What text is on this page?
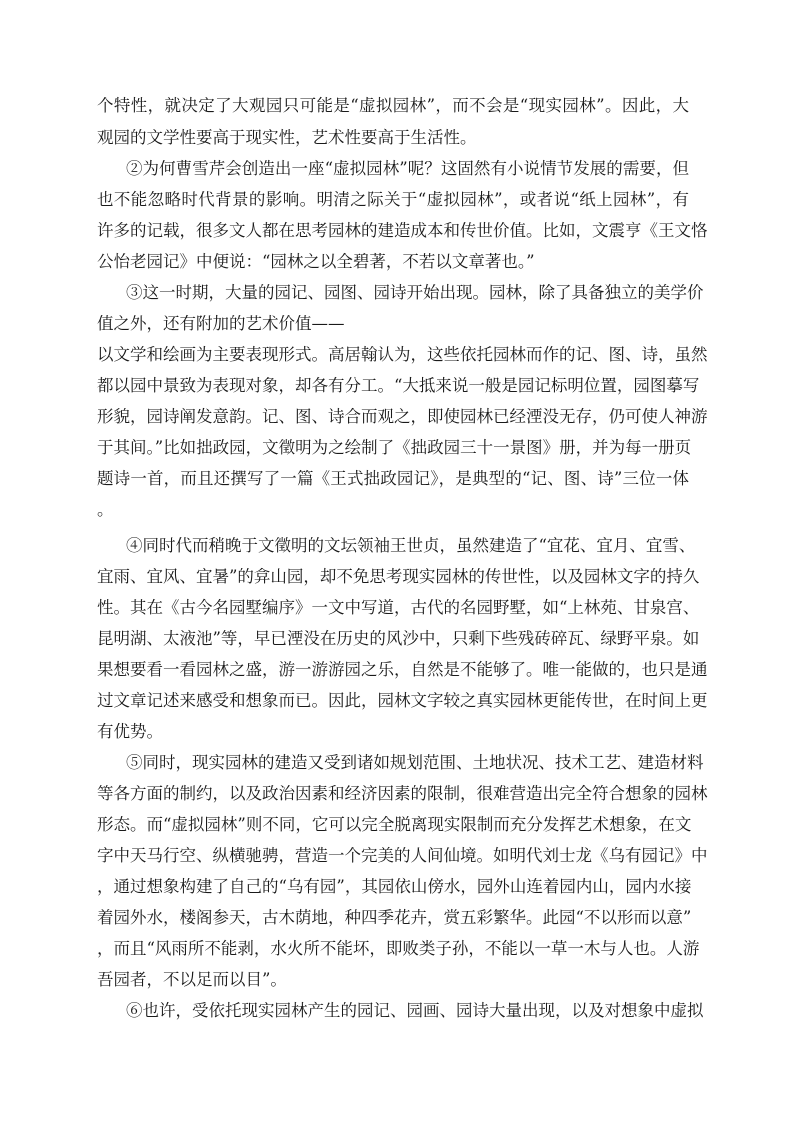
个特性，就决定了大观园只可能是“虚拟园林”，而不会是“现实园林”。因此，大
观园的文学性要高于现实性，艺术性要高于生活性。
②为何曹雪芹会创造出一座“虚拟园林”呢？这固然有小说情节发展的需要，但
也不能忽略时代背景的影响。明清之际关于“虚拟园林”，或者说“纸上园林”，有
许多的记载，很多文人都在思考园林的建造成本和传世价值。比如，文震亨《王文恪
公怡老园记》中便说：“园林之以全碧著，不若以文章著也。”
③这一时期，大量的园记、园图、园诗开始出现。园林，除了具备独立的美学价
值之外，还有附加的艺术价值——
以文学和绘画为主要表现形式。高居翰认为，这些依托园林而作的记、图、诗，虽然
都以园中景致为表现对象，却各有分工。“大抵来说一般是园记标明位置，园图摹写
形貌，园诗阐发意韵。记、图、诗合而观之，即使园林已经湮没无存，仍可使人神游
于其间。”比如拙政园，文徵明为之绘制了《拙政园三十一景图》册，并为每一册页
题诗一首，而且还撰写了一篇《王式拙政园记》，是典型的“记、图、诗”三位一体
。
④同时代而稍晚于文徵明的文坛领袖王世贞，虽然建造了“宜花、宜月、宜雪、
宜雨、宜风、宜暑”的弇山园，却不免思考现实园林的传世性，以及园林文字的持久
性。其在《古今名园墅编序》一文中写道，古代的名园野墅，如“上林苑、甘泉宫、
昆明湖、太液池”等，早已湮没在历史的风沙中，只剩下些残砖碎瓦、绿野平泉。如
果想要看一看园林之盛，游一游游园之乐，自然是不能够了。唯一能做的，也只是通
过文章记述来感受和想象而已。因此，园林文字较之真实园林更能传世，在时间上更
有优势。
⑤同时，现实园林的建造又受到诸如规划范围、土地状况、技术工艺、建造材料
等各方面的制约，以及政治因素和经济因素的限制，很难营造出完全符合想象的园林
形态。而“虚拟园林”则不同，它可以完全脱离现实限制而充分发挥艺术想象，在文
字中天马行空、纵横驰骋，营造一个完美的人间仙境。如明代刘士龙《乌有园记》中
，通过想象构建了自己的“乌有园”，其园依山傍水，园外山连着园内山，园内水接
着园外水，楼阁参天，古木荫地，种四季花卉，赏五彩繁华。此园“不以形而以意”
，而且“风雨所不能剥，水火所不能坏，即败类子孙，不能以一草一木与人也。人游
吾园者，不以足而以目”。
⑥也许，受依托现实园林产生的园记、园画、园诗大量出现，以及对想象中虚拟
